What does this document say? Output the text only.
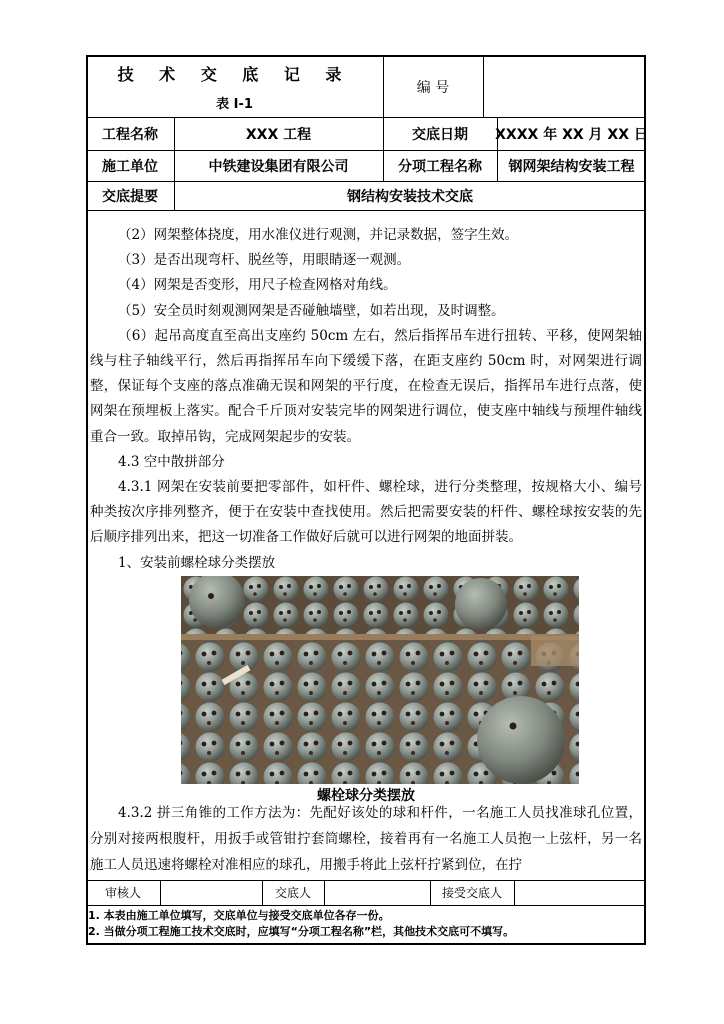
技 术 交 底 记 录
表 I-1
编 号
工程名称	XXX 工程	交底日期	XXXX 年 XX 月 XX 日
施工单位	中铁建设集团有限公司	分项工程名称	钢网架结构安装工程
交底提要	钢结构安装技术交底

（2）网架整体挠度，用水准仪进行观测，并记录数据，签字生效。

（3）是否出现弯杆、脱丝等，用眼睛逐一观测。

（4）网架是否变形，用尺子检查网格对角线。

（5）安全员时刻观测网架是否碰触墙壁，如若出现，及时调整。

（6）起吊高度直至高出支座约 50cm 左右，然后指挥吊车进行扭转、平移，使网架轴线与柱子轴线平行，然后再指挥吊车向下缓缓下落，在距支座约 50cm 时，对网架进行调整，保证每个支座的落点准确无误和网架的平行度，在检查无误后，指挥吊车进行点落，使网架在预埋板上落实。配合千斤顶对安装完毕的网架进行调位，使支座中轴线与预埋件轴线重合一致。取掉吊钩，完成网架起步的安装。

4.3 空中散拼部分

4.3.1 网架在安装前要把零部件，如杆件、螺栓球，进行分类整理，按规格大小、编号种类按次序排列整齐，便于在安装中查找使用。然后把需要安装的杆件、螺栓球按安装的先后顺序排列出来，把这一切准备工作做好后就可以进行网架的地面拼装。

1、安装前螺栓球分类摆放

螺栓球分类摆放

4.3.2 拼三角锥的工作方法为：先配好该处的球和杆件，一名施工人员找准球孔位置，分别对接两根腹杆，用扳手或管钳拧套筒螺栓，接着再有一名施工人员抱一上弦杆，另一名施工人员迅速将螺栓对准相应的球孔，用搬手将此上弦杆拧紧到位，在拧

审核人	交底人	接受交底人

1. 本表由施工单位填写，交底单位与接受交底单位各存一份。

2. 当做分项工程施工技术交底时，应填写“分项工程名称”栏，其他技术交底可不填写。
